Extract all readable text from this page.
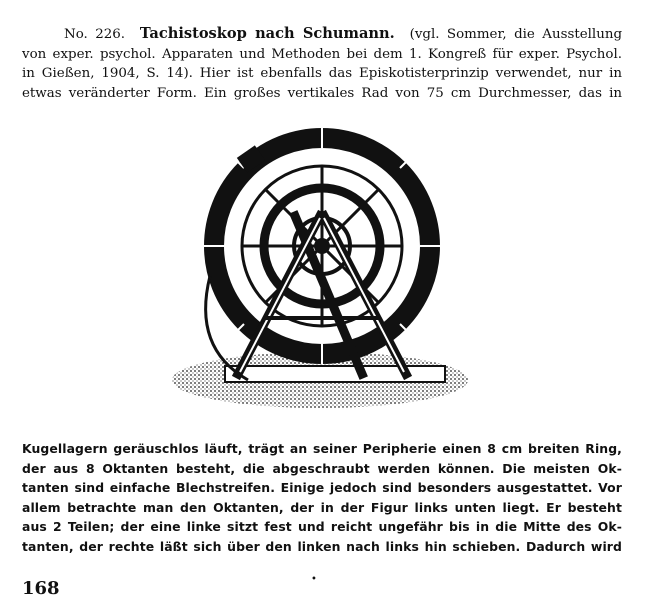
No. 226. Tachistoskop nach Schumann. (vgl. Sommer, die Ausstellung
von exper. psychol. Apparaten und Methoden bei dem 1. Kongreß für exper. Psychol.
in Gießen, 1904, S. 14). Hier ist ebenfalls das Episkotisterprinzip verwendet, nur in
etwas veränderter Form. Ein großes vertikales Rad von 75 cm Durchmesser, das in
Kugellagern geräuschlos läuft, trägt an seiner Peripherie einen 8 cm breiten Ring,
der aus 8 Oktanten besteht, die abgeschraubt werden können. Die meisten Ok-
tanten sind einfache Blechstreifen. Einige jedoch sind besonders ausgestattet. Vor
allem betrachte man den Oktanten, der in der Figur links unten liegt. Er besteht
aus 2 Teilen; der eine linke sitzt fest und reicht ungefähr bis in die Mitte des Ok-
tanten, der rechte läßt sich über den linken nach links hin schieben. Dadurch wird
168	•
